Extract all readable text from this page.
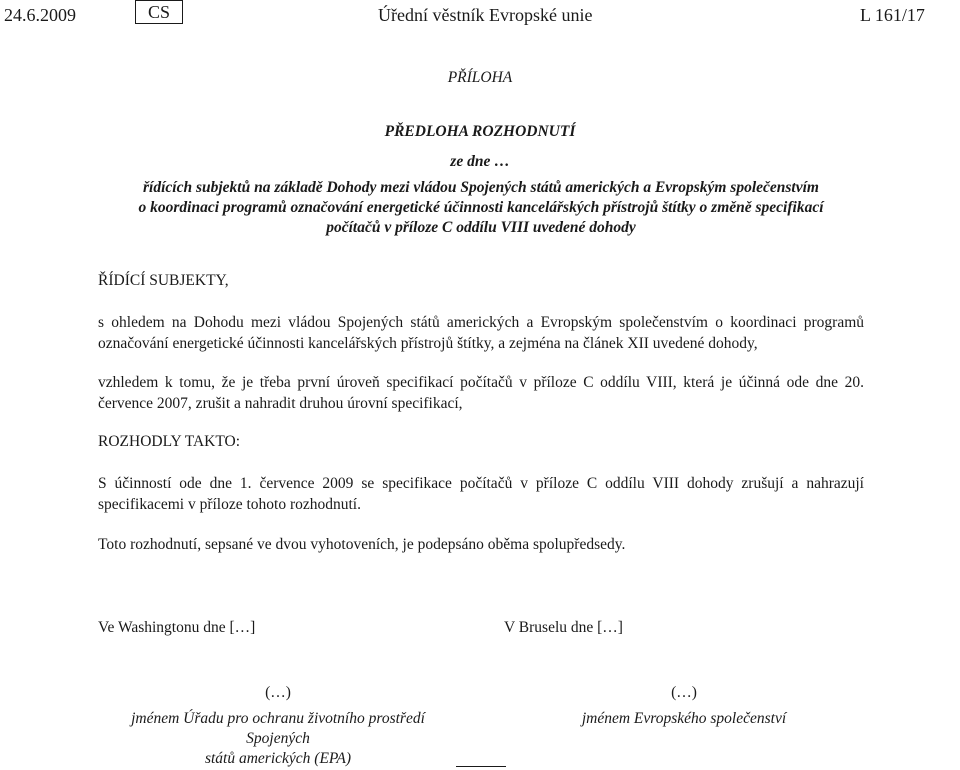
24.6.2009	CS	Úřední věstník Evropské unie	L 161/17
PŘÍLOHA
PŘEDLOHA ROZHODNUTÍ
ze dne …
řídících subjektů na základě Dohody mezi vládou Spojených států amerických a Evropským společenstvím
o koordinaci programů označování energetické účinnosti kancelářských přístrojů štítky o změně specifikací
počítačů v příloze C oddílu VIII uvedené dohody
ŘÍDÍCÍ SUBJEKTY,
s ohledem na Dohodu mezi vládou Spojených států amerických a Evropským společenstvím o koordinaci programů označování energetické účinnosti kancelářských přístrojů štítky, a zejména na článek XII uvedené dohody,
vzhledem k tomu, že je třeba první úroveň specifikací počítačů v příloze C oddílu VIII, která je účinná ode dne 20. července 2007, zrušit a nahradit druhou úrovní specifikací,
ROZHODLY TAKTO:
S účinností ode dne 1. července 2009 se specifikace počítačů v příloze C oddílu VIII dohody zrušují a nahrazují specifikacemi v příloze tohoto rozhodnutí.
Toto rozhodnutí, sepsané ve dvou vyhotoveních, je podepsáno oběma spolupředsedy.
Ve Washingtonu dne […]	V Bruselu dne […]
(…)
jménem Úřadu pro ochranu životního prostředí Spojených
států amerických (EPA)
(…)
jménem Evropského společenství
